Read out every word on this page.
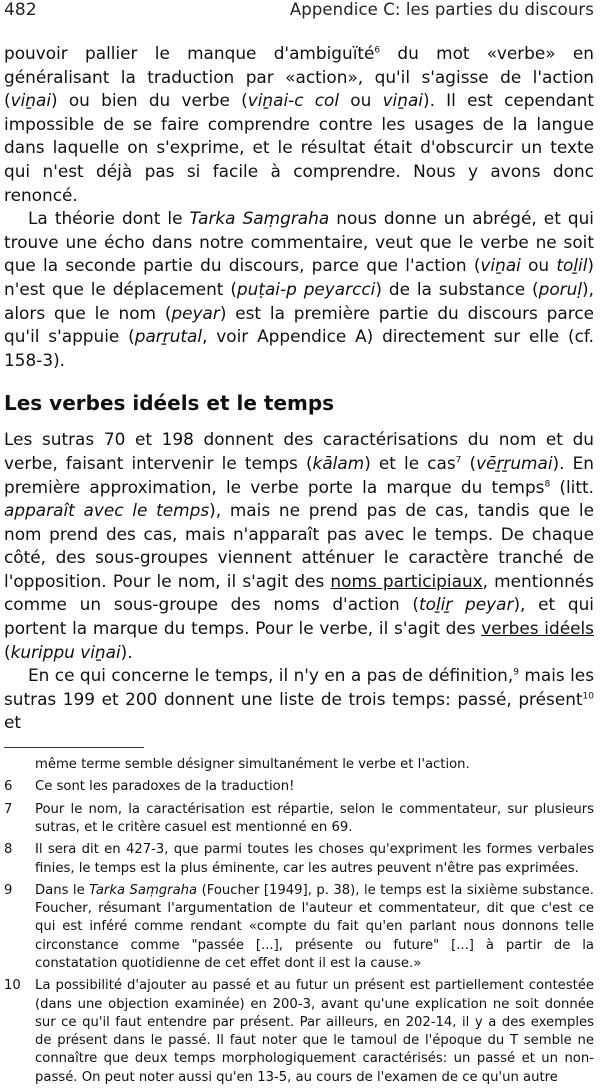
482	Appendice C: les parties du discours

pouvoir pallier le manque d'ambiguïté$^6$ du mot «verbe» en généralisant la traduction par «action», qu'il s'agisse de l'action (viṉai) ou bien du verbe (viṉai-c col ou viṉai). Il est cependant impossible de se faire comprendre contre les usages de la langue dans laquelle on s'exprime, et le résultat était d'obscurcir un texte qui n'est déjà pas si facile à comprendre. Nous y avons donc renoncé.

La théorie dont le Tarka Saṃgraha nous donne un abrégé, et qui trouve une écho dans notre commentaire, veut que le verbe ne soit que la seconde partie du discours, parce que l'action (viṉai ou toḻil) n'est que le déplacement (puṭai-p peyarcci) de la substance (poruḷ), alors que le nom (peyar) est la première partie du discours parce qu'il s'appuie (parṟutal, voir Appendice A) directement sur elle (cf. 158-3).

Les verbes idéels et le temps

Les sutras 70 et 198 donnent des caractérisations du nom et du verbe, faisant intervenir le temps (kālam) et le cas$^7$ (vēṟṟumai). En première approximation, le verbe porte la marque du temps$^8$ (litt. apparaît avec le temps), mais ne prend pas de cas, tandis que le nom prend des cas, mais n'apparaît pas avec le temps. De chaque côté, des sous-groupes viennent atténuer le caractère tranché de l'opposition. Pour le nom, il s'agit des noms participiaux, mentionnés comme un sous-groupe des noms d'action (toḻiṟ peyar), et qui portent la marque du temps. Pour le verbe, il s'agit des verbes idéels (kurippu viṉai).

En ce qui concerne le temps, il n'y en a pas de définition,$^9$ mais les sutras 199 et 200 donnent une liste de trois temps: passé, présent$^{10}$ et

même terme semble désigner simultanément le verbe et l'action.

6	Ce sont les paradoxes de la traduction!
7	Pour le nom, la caractérisation est répartie, selon le commentateur, sur plusieurs sutras, et le critère casuel est mentionné en 69.
8	Il sera dit en 427-3, que parmi toutes les choses qu'expriment les formes verbales finies, le temps est la plus éminente, car les autres peuvent n'être pas exprimées.
9	Dans le Tarka Saṃgraha (Foucher [1949], p. 38), le temps est la sixième substance. Foucher, résumant l'argumentation de l'auteur et commentateur, dit que c'est ce qui est inféré comme rendant «compte du fait qu'en parlant nous donnons telle circonstance comme "passée [...], présente ou future" [...] à partir de la constatation quotidienne de cet effet dont il est la cause.»
10	La possibilité d'ajouter au passé et au futur un présent est partiellement contestée (dans une objection examinée) en 200-3, avant qu'une explication ne soit donnée sur ce qu'il faut entendre par présent. Par ailleurs, en 202-14, il y a des exemples de présent dans le passé. Il faut noter que le tamoul de l'époque du T semble ne connaître que deux temps morphologiquement caractérisés: un passé et un non-passé. On peut noter aussi qu'en 13-5, au cours de l'examen de ce qu'un autre
